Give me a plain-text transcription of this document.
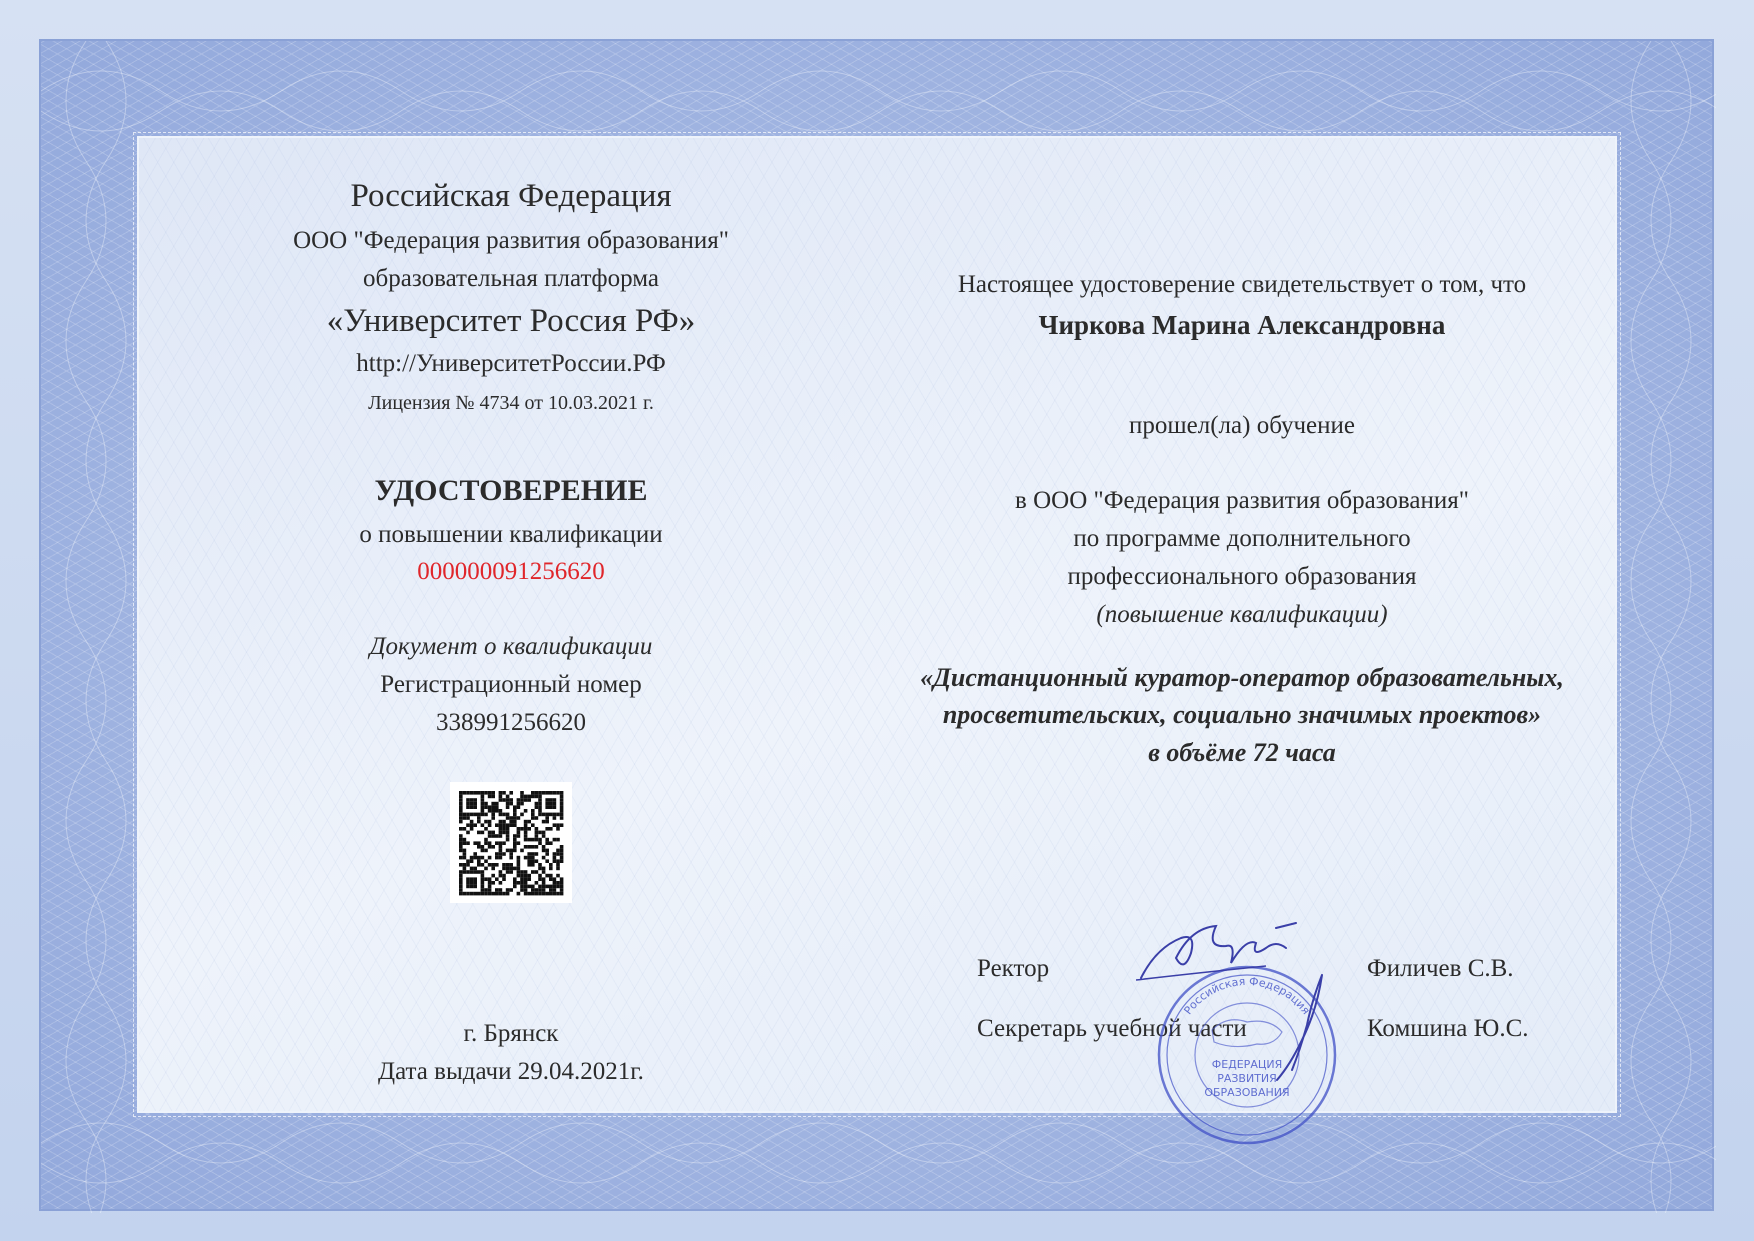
Российская Федерация
ООО "Федерация развития образования"
образовательная платформа
«Университет Россия РФ»
http://УниверситетРоссии.РФ
Лицензия № 4734 от 10.03.2021 г.
УДОСТОВЕРЕНИЕ
о повышении квалификации
000000091256620
Документ о квалификации
Регистрационный номер
338991256620
г. Брянск
Дата выдачи 29.04.2021г.
Настоящее удостоверение свидетельствует о том, что
Чиркова Марина Александровна
прошел(ла) обучение
в ООО "Федерация развития образования"
по программе дополнительного
профессионального образования
(повышение квалификации)
«Дистанционный куратор-оператор образовательных,
просветительских, социально значимых проектов»
в объёме 72 часа
Ректор	Филичев С.В.
Секретарь учебной части	Комшина Ю.С.
Российская Федерация
ФЕДЕРАЦИЯ
РАЗВИТИЯ
ОБРАЗОВАНИЯ
